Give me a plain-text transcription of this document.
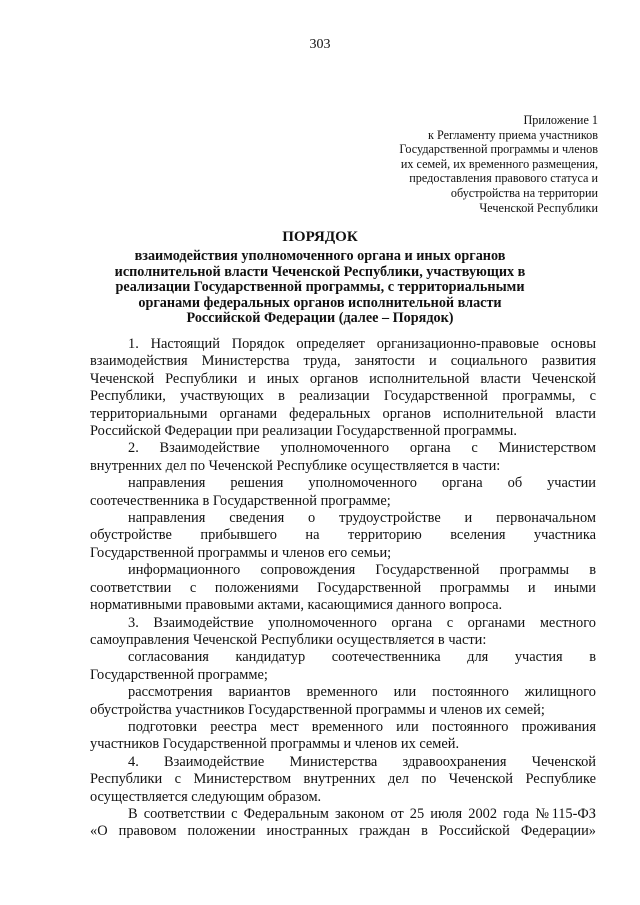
303
Приложение 1
к Регламенту приема участников
Государственной программы и членов
их семей, их временного размещения,
предоставления правового статуса и
обустройства на территории
Чеченской Республики
ПОРЯДОК
взаимодействия уполномоченного органа и иных органов
исполнительной власти Чеченской Республики, участвующих в
реализации Государственной программы, с территориальными
органами федеральных органов исполнительной власти
Российской Федерации (далее – Порядок)
1. Настоящий Порядок определяет организационно-правовые основы
взаимодействия Министерства труда, занятости и социального развития
Чеченской Республики и иных органов исполнительной власти Чеченской
Республики, участвующих в реализации Государственной программы, с
территориальными органами федеральных органов исполнительной власти
Российской Федерации при реализации Государственной программы.
2. Взаимодействие уполномоченного органа с Министерством
внутренних дел по Чеченской Республике осуществляется в части:
направления решения уполномоченного органа об участии
соотечественника в Государственной программе;
направления сведения о трудоустройстве и первоначальном
обустройстве прибывшего на территорию вселения участника
Государственной программы и членов его семьи;
информационного сопровождения Государственной программы в
соответствии с положениями Государственной программы и иными
нормативными правовыми актами, касающимися данного вопроса.
3. Взаимодействие уполномоченного органа с органами местного
самоуправления Чеченской Республики осуществляется в части:
согласования кандидатур соотечественника для участия в
Государственной программе;
рассмотрения вариантов временного или постоянного жилищного
обустройства участников Государственной программы и членов их семей;
подготовки реестра мест временного или постоянного проживания
участников Государственной программы и членов их семей.
4. Взаимодействие Министерства здравоохранения Чеченской
Республики с Министерством внутренних дел по Чеченской Республике
осуществляется следующим образом.
В соответствии с Федеральным законом от 25 июля 2002 года №115-ФЗ
«О правовом положении иностранных граждан в Российской Федерации»
